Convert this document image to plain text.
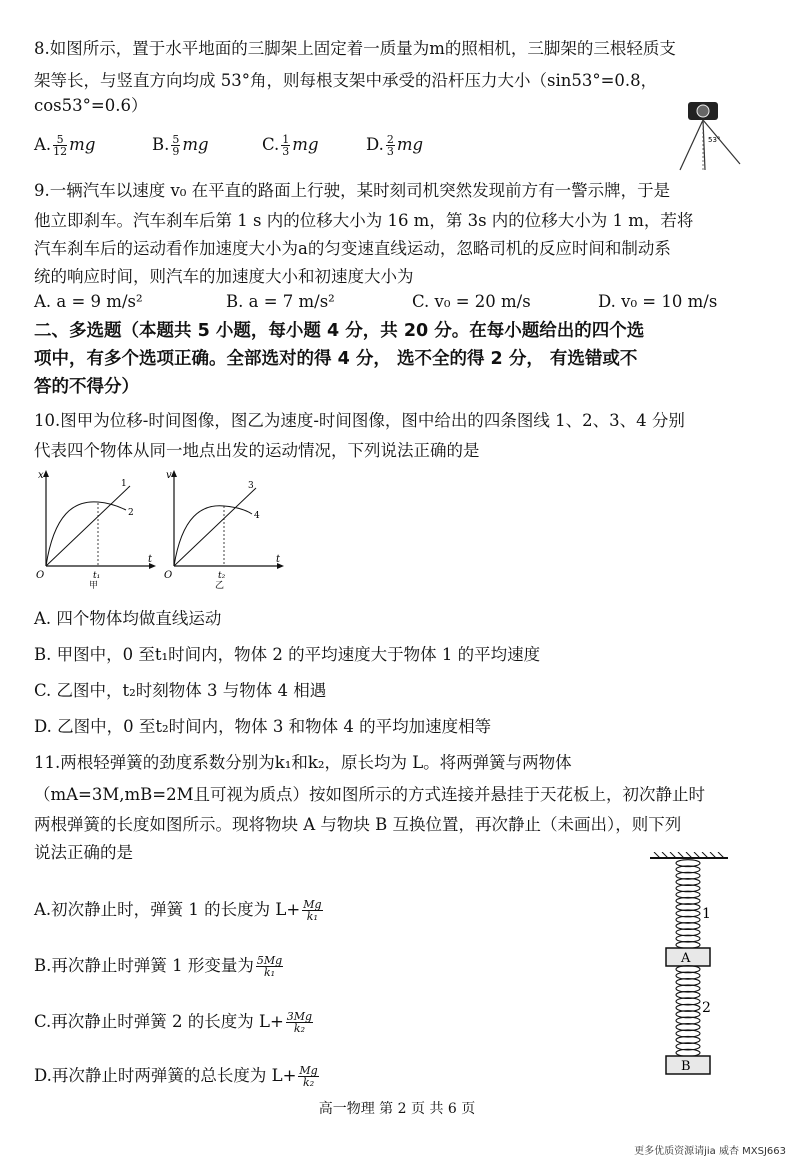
8.如图所示，置于水平地面的三脚架上固定着一质量为m的照相机，三脚架的三根轻质支
架等长，与竖直方向均成 53°角，则每根支架中承受的沿杆压力大小（sin53°=0.8，
cos53°=0.6）
A. $\frac{5}{12}$ mg	B. $\frac{5}{9}$ mg	C. $\frac{1}{3}$ mg	D. $\frac{2}{3}$ mg	53°
9.一辆汽车以速度 v₀ 在平直的路面上行驶，某时刻司机突然发现前方有一警示牌，于是
他立即刹车。汽车刹车后第 1 s 内的位移大小为 16 m，第 3s 内的位移大小为 1 m，若将
汽车刹车后的运动看作加速度大小为a的匀变速直线运动，忽略司机的反应时间和制动系
统的响应时间，则汽车的加速度大小和初速度大小为
A. a = 9 m/s²	B. a = 7 m/s²	C. v₀ = 20 m/s	D. v₀ = 10 m/s
二、多选题（本题共 5 小题，每小题 4 分，共 20 分。在每小题给出的四个选
项中，有多个选项正确。全部选对的得 4 分， 选不全的得 2 分， 有选错或不
答的不得分）
10.图甲为位移-时间图像，图乙为速度-时间图像，图中给出的四条图线 1、2、3、4 分别
代表四个物体从同一地点出发的运动情况，下列说法正确的是
x
t
O	t₁
1
2
甲
v
t
O	t₂
3
4
乙
A. 四个物体均做直线运动
B. 甲图中，0 至t₁时间内，物体 2 的平均速度大于物体 1 的平均速度
C. 乙图中，t₂时刻物体 3 与物体 4 相遇
D. 乙图中，0 至t₂时间内，物体 3 和物体 4 的平均加速度相等
11.两根轻弹簧的劲度系数分别为k₁和k₂，原长均为 L。将两弹簧与两物体
（mA=3M,mB=2M且可视为质点）按如图所示的方式连接并悬挂于天花板上，初次静止时
两根弹簧的长度如图所示。现将物块 A 与物块 B 互换位置，再次静止（未画出），则下列
说法正确的是
A.初次静止时，弹簧 1 的长度为 $L+ \frac{Mg}{\text{k₁}}$
B.再次静止时弹簧 1 形变量为 $\frac{5Mg}{\text{k₁}}$
C.再次静止时弹簧 2 的长度为 $L+ \frac{3Mg}{\text{k₂}}$
D.再次静止时两弹簧的总长度为 $L+ \frac{Mg}{\text{k₂}}$
1
A
2
B
高一物理 第 2 页 共 6 页
更多优质资源请jia 威杏 MXSJ663
